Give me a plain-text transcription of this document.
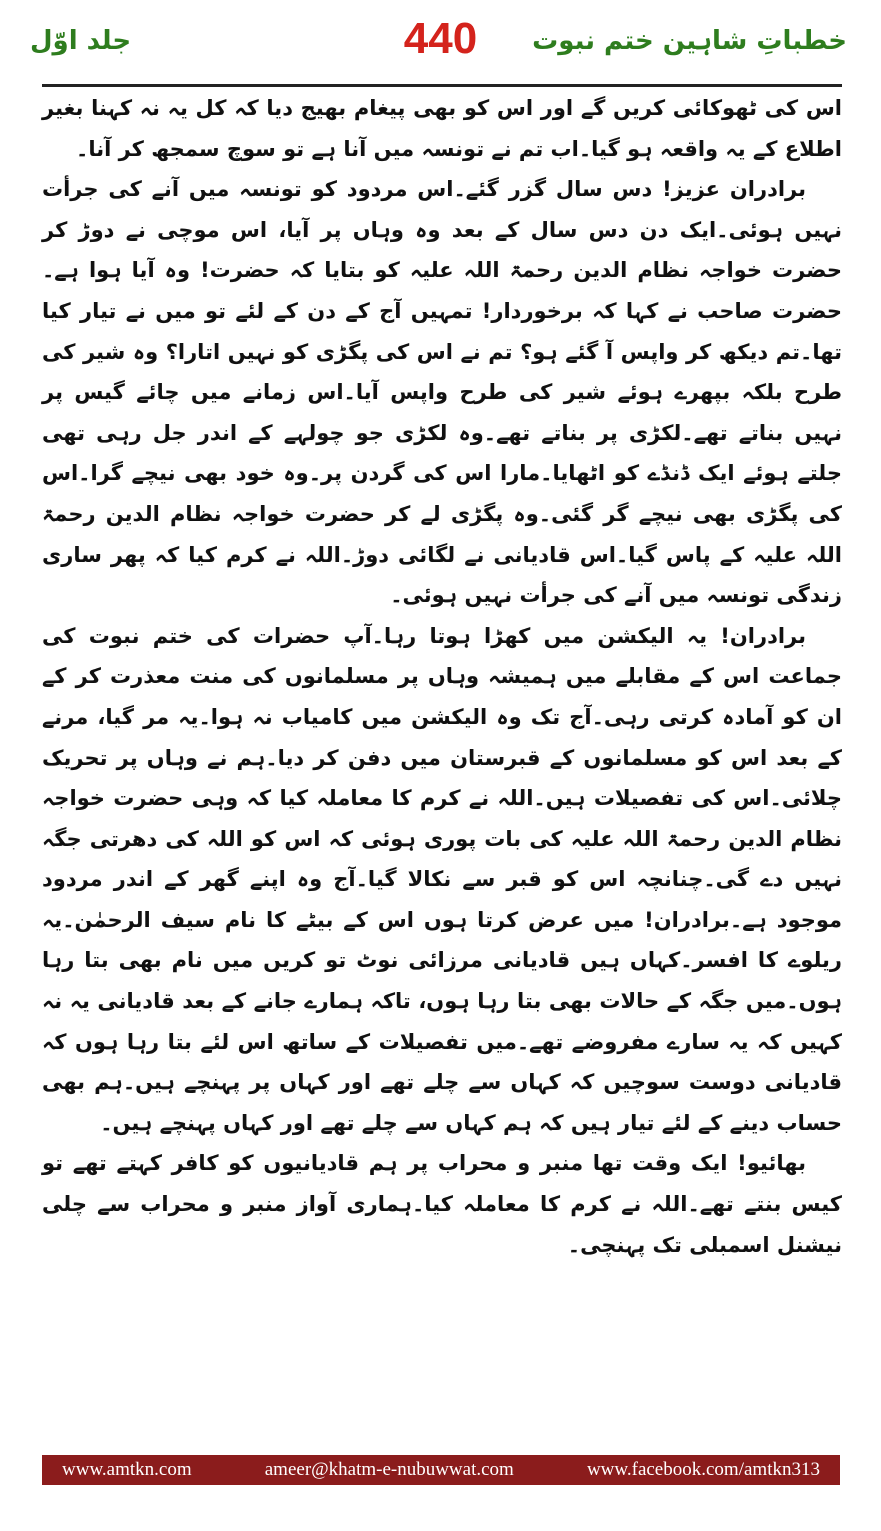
جلد اوّل	440	خطباتِ شاہین ختم نبوت

اس کی ٹھوکائی کریں گے اور اس کو بھی پیغام بھیج دیا کہ کل یہ نہ کہنا بغیر اطلاع کے یہ واقعہ ہو گیا۔اب تم نے تونسہ میں آنا ہے تو سوچ سمجھ کر آنا۔

برادران عزیز! دس سال گزر گئے۔اس مردود کو تونسہ میں آنے کی جرأت نہیں ہوئی۔ایک دن دس سال کے بعد وہ وہاں پر آیا، اس موچی نے دوڑ کر حضرت خواجہ نظام الدین رحمۃ اللہ علیہ کو بتایا کہ حضرت! وہ آیا ہوا ہے۔حضرت صاحب نے کہا کہ برخوردار! تمہیں آج کے دن کے لئے تو میں نے تیار کیا تھا۔تم دیکھ کر واپس آ گئے ہو؟ تم نے اس کی پگڑی کو نہیں اتارا؟ وہ شیر کی طرح بلکہ بپھرے ہوئے شیر کی طرح واپس آیا۔اس زمانے میں چائے گیس پر نہیں بناتے تھے۔لکڑی پر بناتے تھے۔وہ لکڑی جو چولہے کے اندر جل رہی تھی جلتے ہوئے ایک ڈنڈے کو اٹھایا۔مارا اس کی گردن پر۔وہ خود بھی نیچے گرا۔اس کی پگڑی بھی نیچے گر گئی۔وہ پگڑی لے کر حضرت خواجہ نظام الدین رحمۃ اللہ علیہ کے پاس گیا۔اس قادیانی نے لگائی دوڑ۔اللہ نے کرم کیا کہ پھر ساری زندگی تونسہ میں آنے کی جرأت نہیں ہوئی۔

برادران! یہ الیکشن میں کھڑا ہوتا رہا۔آپ حضرات کی ختم نبوت کی جماعت اس کے مقابلے میں ہمیشہ وہاں پر مسلمانوں کی منت معذرت کر کے ان کو آمادہ کرتی رہی۔آج تک وہ الیکشن میں کامیاب نہ ہوا۔یہ مر گیا، مرنے کے بعد اس کو مسلمانوں کے قبرستان میں دفن کر دیا۔ہم نے وہاں پر تحریک چلائی۔اس کی تفصیلات ہیں۔اللہ نے کرم کا معاملہ کیا کہ وہی حضرت خواجہ نظام الدین رحمۃ اللہ علیہ کی بات پوری ہوئی کہ اس کو اللہ کی دھرتی جگہ نہیں دے گی۔چنانچہ اس کو قبر سے نکالا گیا۔آج وہ اپنے گھر کے اندر مردود موجود ہے۔برادران! میں عرض کرتا ہوں اس کے بیٹے کا نام سیف الرحمٰن۔یہ ریلوے کا افسر۔کہاں ہیں قادیانی مرزائی نوٹ تو کریں میں نام بھی بتا رہا ہوں۔میں جگہ کے حالات بھی بتا رہا ہوں، تاکہ ہمارے جانے کے بعد قادیانی یہ نہ کہیں کہ یہ سارے مفروضے تھے۔میں تفصیلات کے ساتھ اس لئے بتا رہا ہوں کہ قادیانی دوست سوچیں کہ کہاں سے چلے تھے اور کہاں پر پہنچے ہیں۔ہم بھی حساب دینے کے لئے تیار ہیں کہ ہم کہاں سے چلے تھے اور کہاں پہنچے ہیں۔

بھائیو! ایک وقت تھا منبر و محراب پر ہم قادیانیوں کو کافر کہتے تھے تو کیس بنتے تھے۔اللہ نے کرم کا معاملہ کیا۔ہماری آواز منبر و محراب سے چلی نیشنل اسمبلی تک پہنچی۔

www.amtkn.com	ameer@khatm-e-nubuwwat.com	www.facebook.com/amtkn313
